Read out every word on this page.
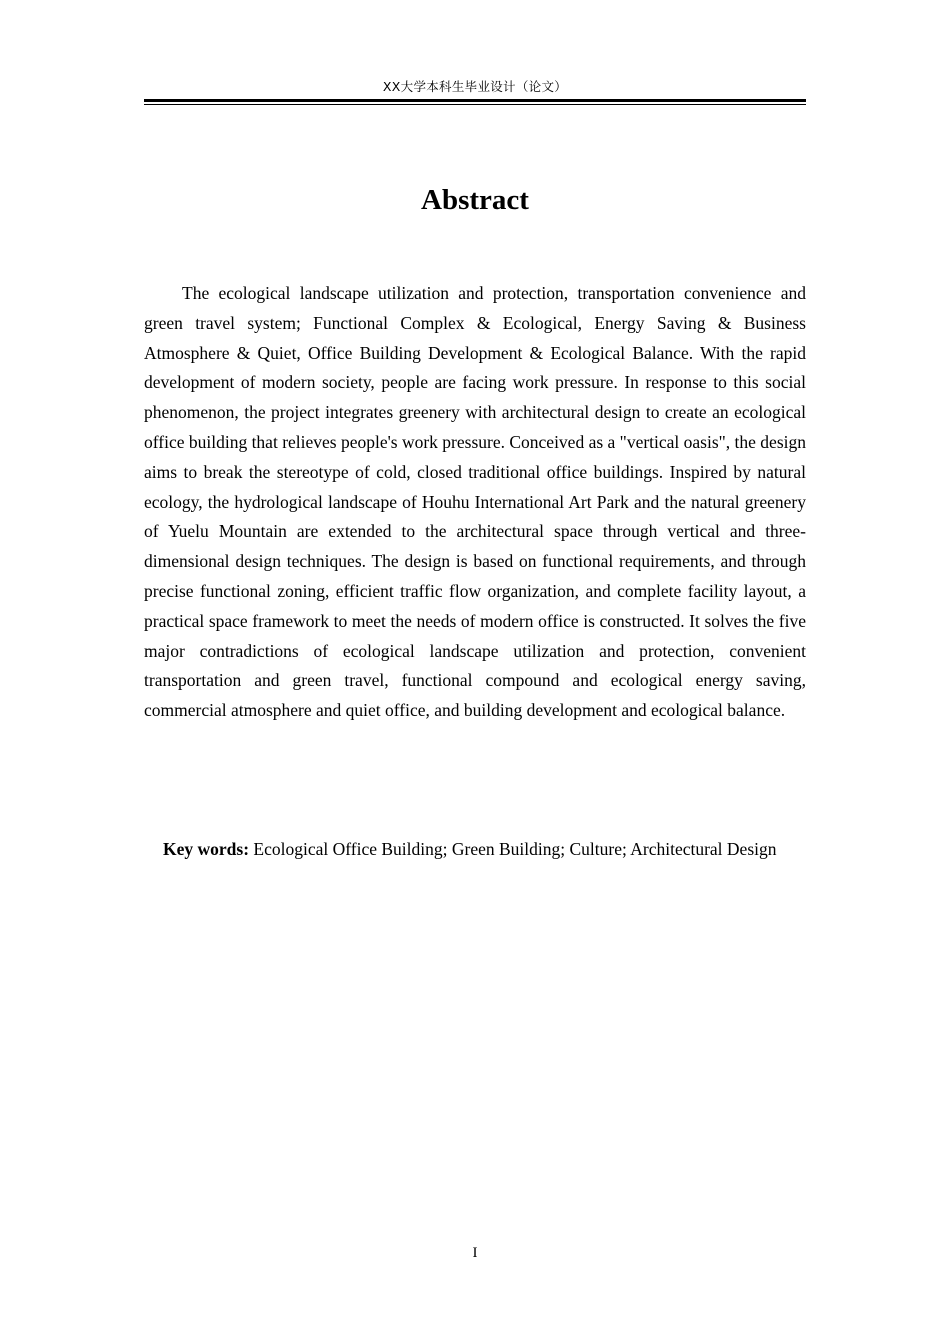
XX大学本科生毕业设计（论文）
Abstract

The ecological landscape utilization and protection, transportation convenience and green travel system; Functional Complex & Ecological, Energy Saving & Business Atmosphere & Quiet, Office Building Development & Ecological Balance. With the rapid development of modern society, people are facing work pressure. In response to this social phenomenon, the project integrates greenery with architectural design to create an ecological office building that relieves people's work pressure. Conceived as a "vertical oasis", the design aims to break the stereotype of cold, closed traditional office buildings. Inspired by natural ecology, the hydrological landscape of Houhu International Art Park and the natural greenery of Yuelu Mountain are extended to the architectural space through vertical and three-dimensional design techniques. The design is based on functional requirements, and through precise functional zoning, efficient traffic flow organization, and complete facility layout, a practical space framework to meet the needs of modern office is constructed. It solves the five major contradictions of ecological landscape utilization and protection, convenient transportation and green travel, functional compound and ecological energy saving, commercial atmosphere and quiet office, and building development and ecological balance.

Key words: Ecological Office Building; Green Building; Culture; Architectural Design

I
